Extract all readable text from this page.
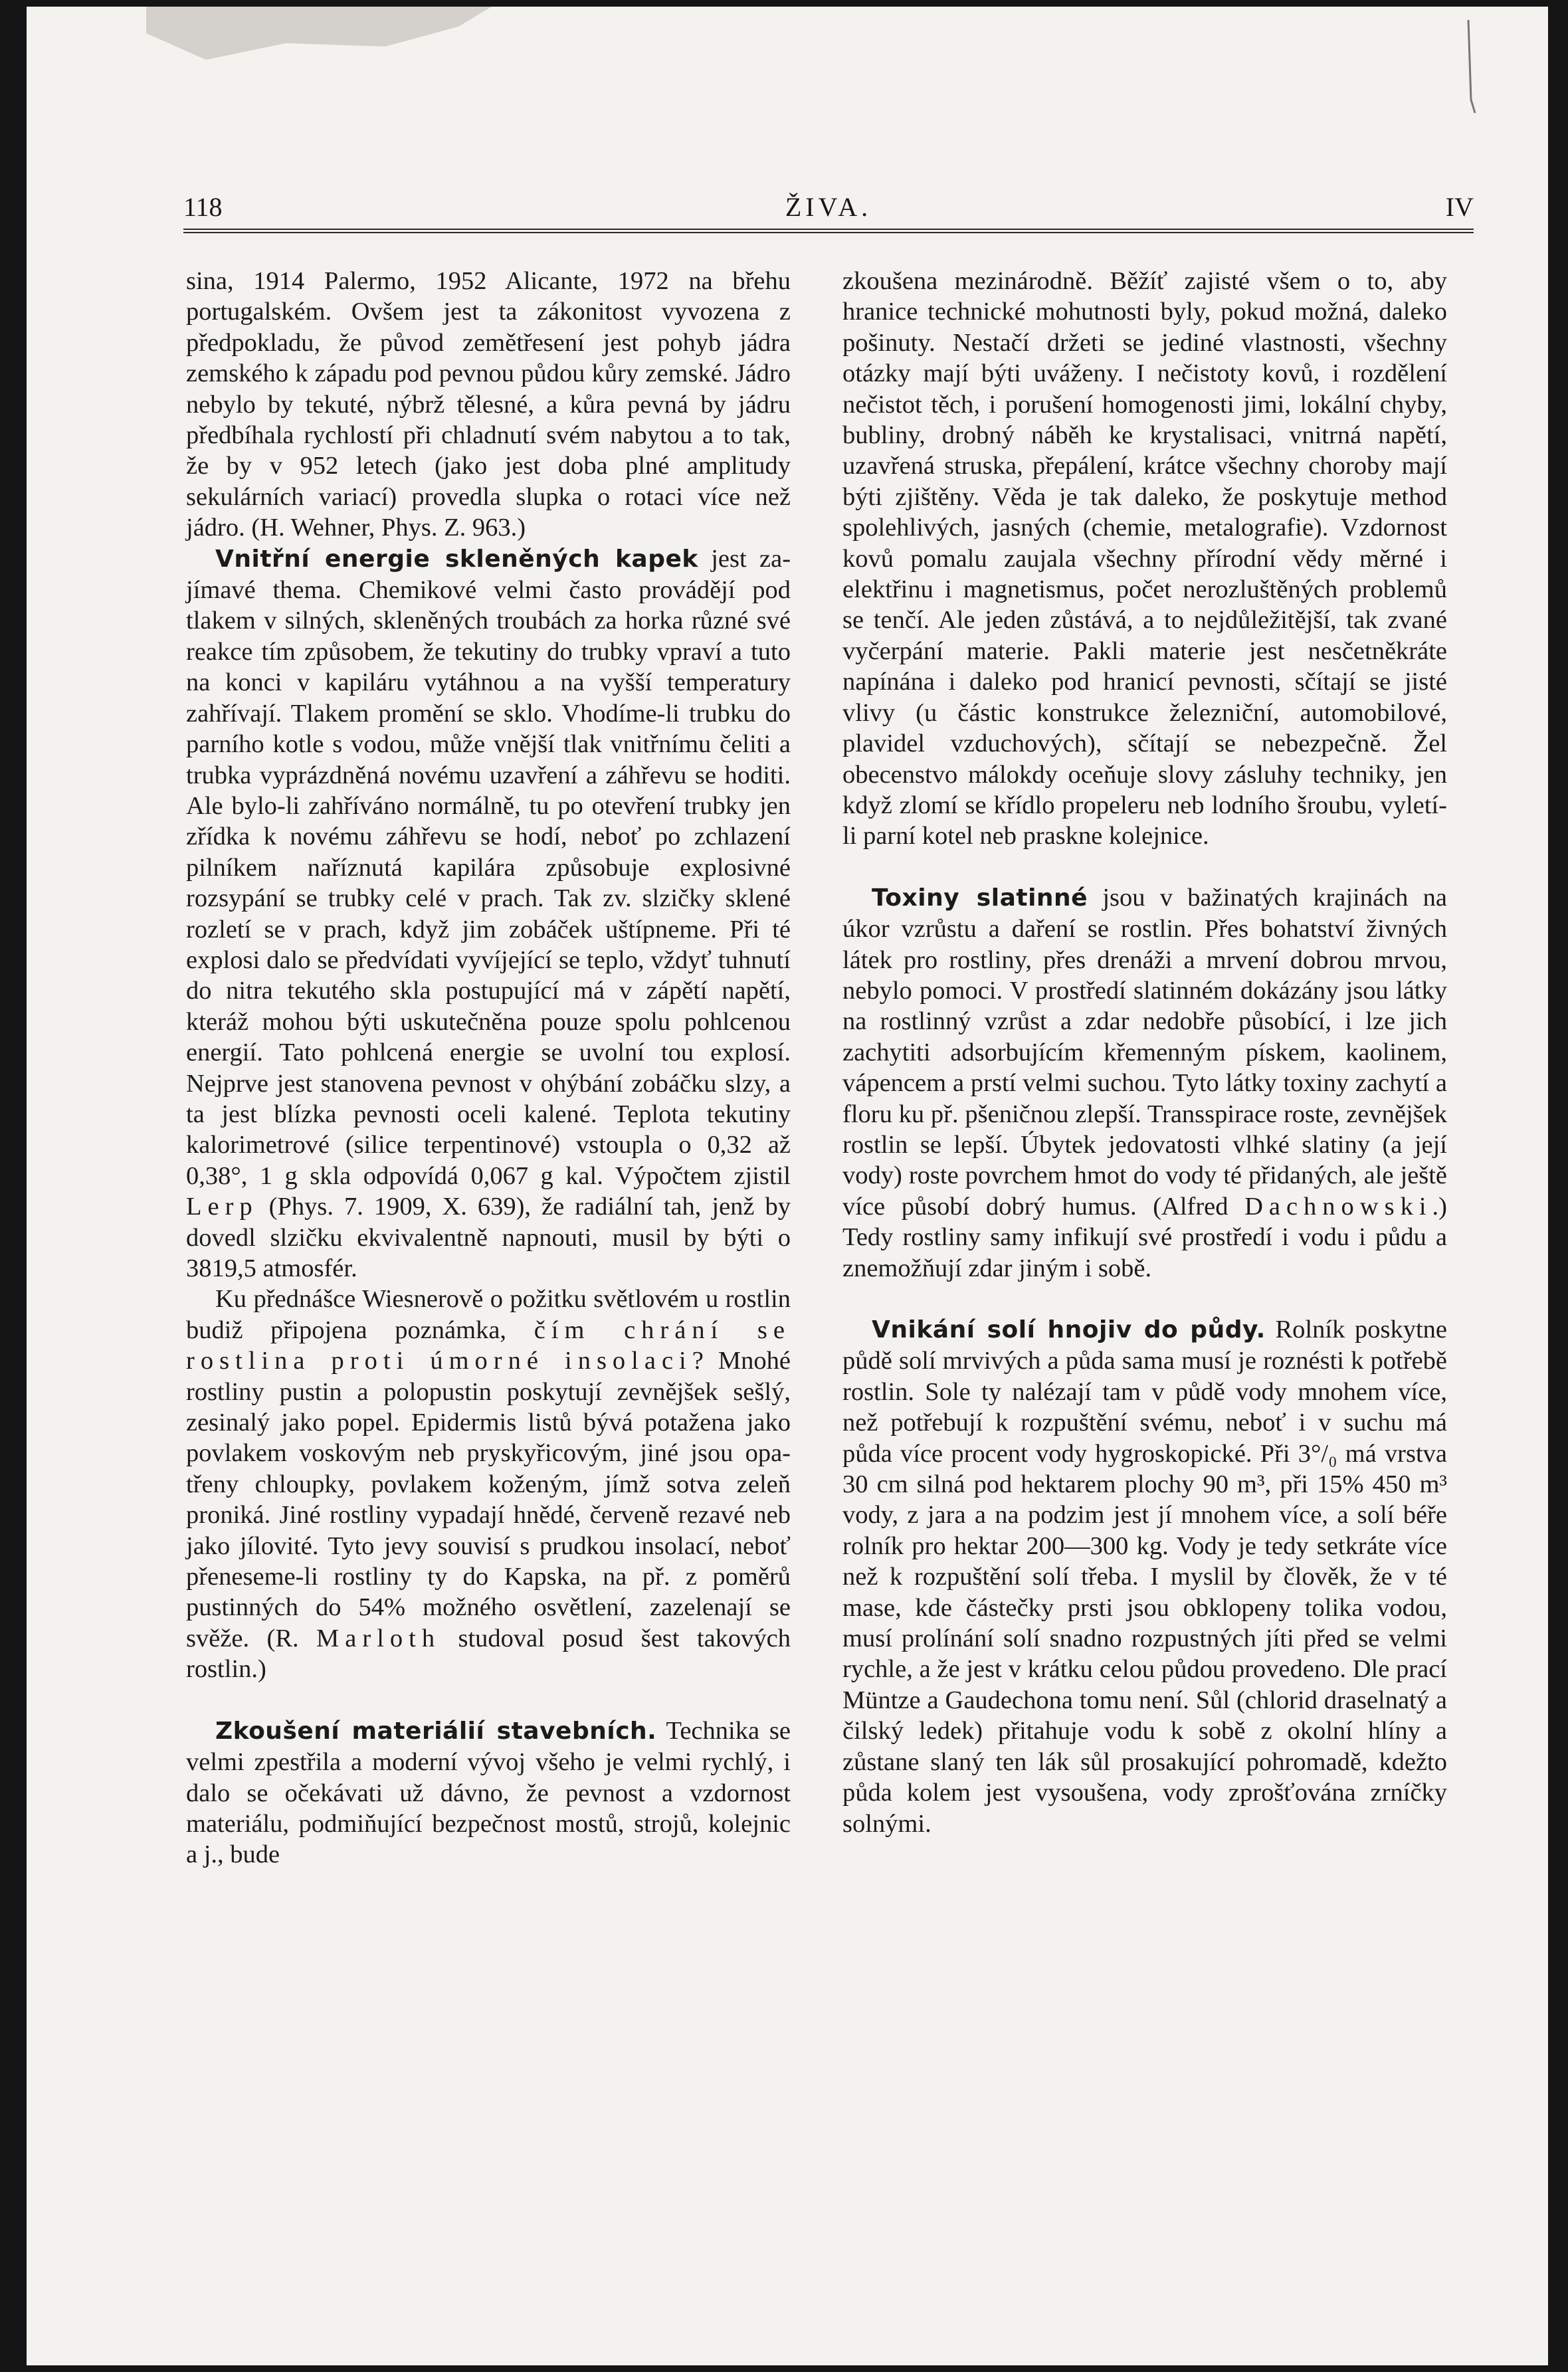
118	ŽIVA.	IV

sina, 1914 Palermo, 1952 Alicante, 1972 na břehu portugalském. Ovšem jest ta zákonitost vyvozena z předpokladu, že původ zemětřesení jest pohyb jádra zemského k západu pod pevnou půdou kůry zemské. Jádro nebylo by tekuté, nýbrž tělesné, a kůra pevná by jádru předbíhala rychlostí při chladnutí svém nabytou a to tak, že by v 952 letech (jako jest doba plné amplitudy sekulárních variací) provedla slupka o rotaci více než jádro. (H. Wehner, Phys. Z. 963.)

Vnitřní energie skleněných kapek jest zajímavé thema. Chemikové velmi často provádějí pod tlakem v silných, skleněných troubách za horka různé své reakce tím způsobem, že tekutiny do trubky vpraví a tuto na konci v kapiláru vytáhnou a na vyšší temperatury zahřívají. Tlakem promění se sklo. Vhodíme-li trubku do parního kotle s vodou, může vnější tlak vnitřnímu čeliti a trubka vyprázdněná novému uzavření a záhřevu se hoditi. Ale bylo-li zahříváno normálně, tu po otevření trubky jen zřídka k novému záhřevu se hodí, neboť po zchlazení pilníkem naříznutá kapilára způsobuje explosivné rozsypání se trubky celé v prach. Tak zv. slzičky sklené rozletí se v prach, když jim zobáček uštípneme. Při té explosi dalo se předvídati vyvíjející se teplo, vždyť tuhnutí do nitra tekutého skla postupující má v zápětí napětí, kteráž mohou býti uskutečněna pouze spolu pohlcenou energií. Tato pohlcená energie se uvolní tou explosí. Nejprve jest stanovena pevnost v ohýbání zobáčku slzy, a ta jest blízka pevnosti oceli kalené. Teplota tekutiny kalorimetrové (silice terpentinové) vstoupla o 0,32 až 0,38°, 1 g skla odpovídá 0,067 g kal. Výpočtem zjistil Lerp (Phys. 7. 1909, X. 639), že radiální tah, jenž by dovedl slzičku ekvivalentně napnouti, musil by býti o 3819,5 atmosfér.

Ku přednášce Wiesnerově o požitku světlovém u rostlin budiž připojena poznámka, čím chrání se rostlina proti úmorné insolaci? Mnohé rostliny pustin a polopustin poskytují zevnějšek sešlý, zesinalý jako popel. Epidermis listů bývá potažena jako povlakem voskovým neb pryskyřicovým, jiné jsou opatřeny chloupky, povlakem koženým, jímž sotva zeleň proniká. Jiné rostliny vypadají hnědé, červeně rezavé neb jako jílovité. Tyto jevy souvisí s prudkou insolací, neboť přeneseme-li rostliny ty do Kapska, na př. z poměrů pustinných do 54% možného osvětlení, zazelenají se svěže. (R. Marloth studoval posud šest takových rostlin.)

Zkoušení materiálií stavebních. Technika se velmi zpestřila a moderní vývoj všeho je velmi rychlý, i dalo se očekávati už dávno, že pevnost a vzdornost materiálu, podmiňující bezpečnost mostů, strojů, kolejnic a j., bude

zkoušena mezinárodně. Běžíť zajisté všem o to, aby hranice technické mohutnosti byly, pokud možná, daleko pošinuty. Nestačí držeti se jediné vlastnosti, všechny otázky mají býti uváženy. I nečistoty kovů, i rozdělení nečistot těch, i porušení homogenosti jimi, lokální chyby, bubliny, drobný náběh ke krystalisaci, vnitrná napětí, uzavřená struska, přepálení, krátce všechny choroby mají býti zjištěny. Věda je tak daleko, že poskytuje method spolehlivých, jasných (chemie, metalografie). Vzdornost kovů pomalu zaujala všechny přírodní vědy měrné i elektřinu i magnetismus, počet nerozluštěných problemů se tenčí. Ale jeden zůstává, a to nejdůležitější, tak zvané vyčerpání materie. Pakli materie jest nesčetněkráte napínána i daleko pod hranicí pevnosti, sčítají se jisté vlivy (u částic konstrukce železniční, automobilové, plavidel vzduchových), sčítají se nebezpečně. Žel obecenstvo málokdy oceňuje slovy zásluhy techniky, jen když zlomí se křídlo propeleru neb lodního šroubu, vyletí-li parní kotel neb praskne kolejnice.

Toxiny slatinné jsou v bažinatých krajinách na úkor vzrůstu a daření se rostlin. Přes bohatství živných látek pro rostliny, přes drenáži a mrvení dobrou mrvou, nebylo pomoci. V prostředí slatinném dokázány jsou látky na rostlinný vzrůst a zdar nedobře působící, i lze jich zachytiti adsorbujícím křemenným pískem, kaolinem, vápencem a prstí velmi suchou. Tyto látky toxiny zachytí a floru ku př. pšeničnou zlepší. Transspirace roste, zevnějšek rostlin se lepší. Úbytek jedovatosti vlhké slatiny (a její vody) roste povrchem hmot do vody té přidaných, ale ještě více působí dobrý humus. (Alfred Dachnowski.) Tedy rostliny samy infikují své prostředí i vodu i půdu a znemožňují zdar jiným i sobě.

Vnikání solí hnojiv do půdy. Rolník poskytne půdě solí mrvivých a půda sama musí je roznésti k potřebě rostlin. Sole ty nalézají tam v půdě vody mnohem více, než potřebují k rozpuštění svému, neboť i v suchu má půda více procent vody hygroskopické. Při 3°/₀ má vrstva 30 cm silná pod hektarem plochy 90 m³, při 15% 450 m³ vody, z jara a na podzim jest jí mnohem více, a solí béře rolník pro hektar 200—300 kg. Vody je tedy setkráte více než k rozpuštění solí třeba. I myslil by člověk, že v té mase, kde částečky prsti jsou obklopeny tolika vodou, musí prolínání solí snadno rozpustných jíti před se velmi rychle, a že jest v krátku celou půdou provedeno. Dle prací Müntze a Gaudechona tomu není. Sůl (chlorid draselnatý a čilský ledek) přitahuje vodu k sobě z okolní hlíny a zůstane slaný ten lák sůl prosakující pohromadě, kdežto půda kolem jest vysoušena, vody zprošťována zrníčky solnými.
